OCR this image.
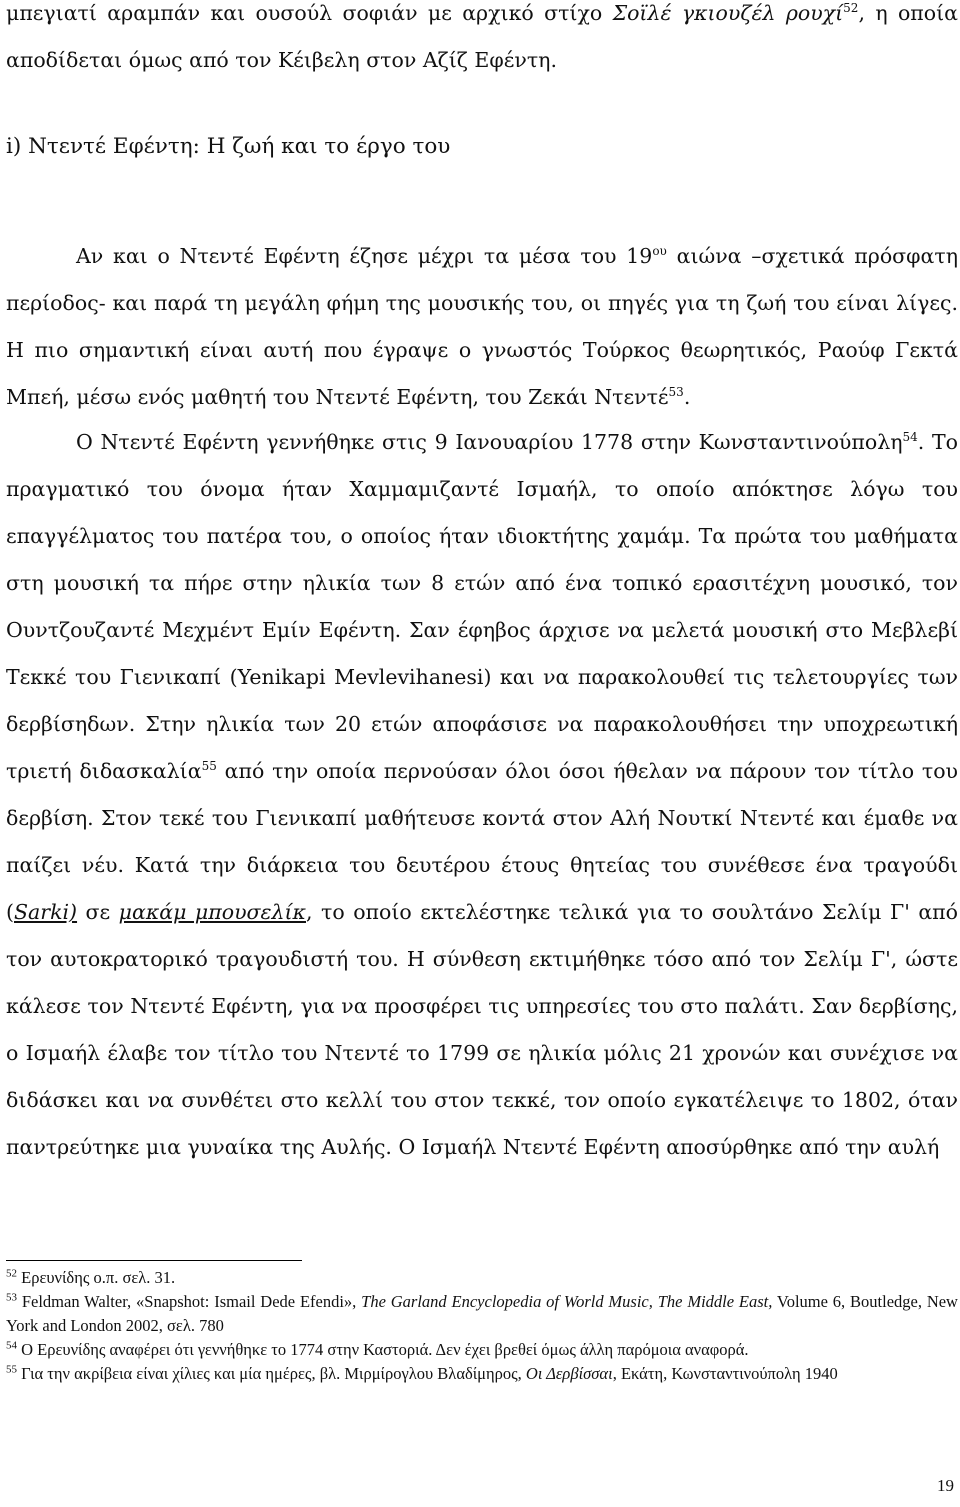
μπεγιατί αραμπάν και ουσούλ σοφιάν με αρχικό στίχο Σοϊλέ γκιουζέλ ρουχί$^{52}$, η οποία αποδίδεται όμως από τον Κέιβελη στον Αζίζ Εφέντη.

i) Ντεντέ Εφέντη: Η ζωή και το έργο του

Αν και ο Ντεντέ Εφέντη έζησε μέχρι τα μέσα του $19^{o\upsilon}$ αιώνα –σχετικά πρόσφατη περίοδος- και παρά τη μεγάλη φήμη της μουσικής του, οι πηγές για τη ζωή του είναι λίγες. Η πιο σημαντική είναι αυτή που έγραψε ο γνωστός Τούρκος θεωρητικός, Ραούφ Γεκτά Μπεή, μέσω ενός μαθητή του Ντεντέ Εφέντη, του Ζεκάι Ντεντέ$^{53}$.

Ο Ντεντέ Εφέντη γεννήθηκε στις 9 Ιανουαρίου 1778 στην Κωνσταντινούπολη$^{54}$. Το πραγματικό του όνομα ήταν Χαμμαμιζαντέ Ισμαήλ, το οποίο απόκτησε λόγω του επαγγέλματος του πατέρα του, ο οποίος ήταν ιδιοκτήτης χαμάμ. Τα πρώτα του μαθήματα στη μουσική τα πήρε στην ηλικία των 8 ετών από ένα τοπικό ερασιτέχνη μουσικό, τον Ουντζουζαντέ Μεχμέντ Εμίν Εφέντη. Σαν έφηβος άρχισε να μελετά μουσική στο Μεβλεβί Τεκκέ του Γιενικαπί (Yenikapi Mevlevihanesi) και να παρακολουθεί τις τελετουργίες των δερβίσηδων. Στην ηλικία των 20 ετών αποφάσισε να παρακολουθήσει την υποχρεωτική τριετή διδασκαλία$^{55}$ από την οποία περνούσαν όλοι όσοι ήθελαν να πάρουν τον τίτλο του δερβίση. Στον τεκέ του Γιενικαπί μαθήτευσε κοντά στον Αλή Νουτκί Ντεντέ και έμαθε να παίζει νέυ. Κατά την διάρκεια του δευτέρου έτους θητείας του συνέθεσε ένα τραγούδι (Sarki) σε μακάμ μπουσελίκ, το οποίο εκτελέστηκε τελικά για το σουλτάνο Σελίμ Γ' από τον αυτοκρατορικό τραγουδιστή του. Η σύνθεση εκτιμήθηκε τόσο από τον Σελίμ Γ', ώστε κάλεσε τον Ντεντέ Εφέντη, για να προσφέρει τις υπηρεσίες του στο παλάτι. Σαν δερβίσης, ο Ισμαήλ έλαβε τον τίτλο του Ντεντέ το 1799 σε ηλικία μόλις 21 χρονών και συνέχισε να διδάσκει και να συνθέτει στο κελλί του στον τεκκέ, τον οποίο εγκατέλειψε το 1802, όταν παντρεύτηκε μια γυναίκα της Αυλής. Ο Ισμαήλ Ντεντέ Εφέντη αποσύρθηκε από την αυλή

$^{52}$ Ερευνίδης ο.π. σελ. 31.

$^{53}$ Feldman Walter, «Snapshot: Ismail Dede Efendi», The Garland Encyclopedia of World Music, The Middle East, Volume 6, Boutledge, New York and London 2002, σελ. 780

$^{54}$ Ο Ερευνίδης αναφέρει ότι γεννήθηκε το 1774 στην Καστοριά. Δεν έχει βρεθεί όμως άλλη παρόμοια αναφορά.

$^{55}$ Για την ακρίβεια είναι χίλιες και μία ημέρες, βλ. Μιρμίρογλου Βλαδίμηρος, Οι Δερβίσσαι, Εκάτη, Κωνσταντινούπολη 1940

19
